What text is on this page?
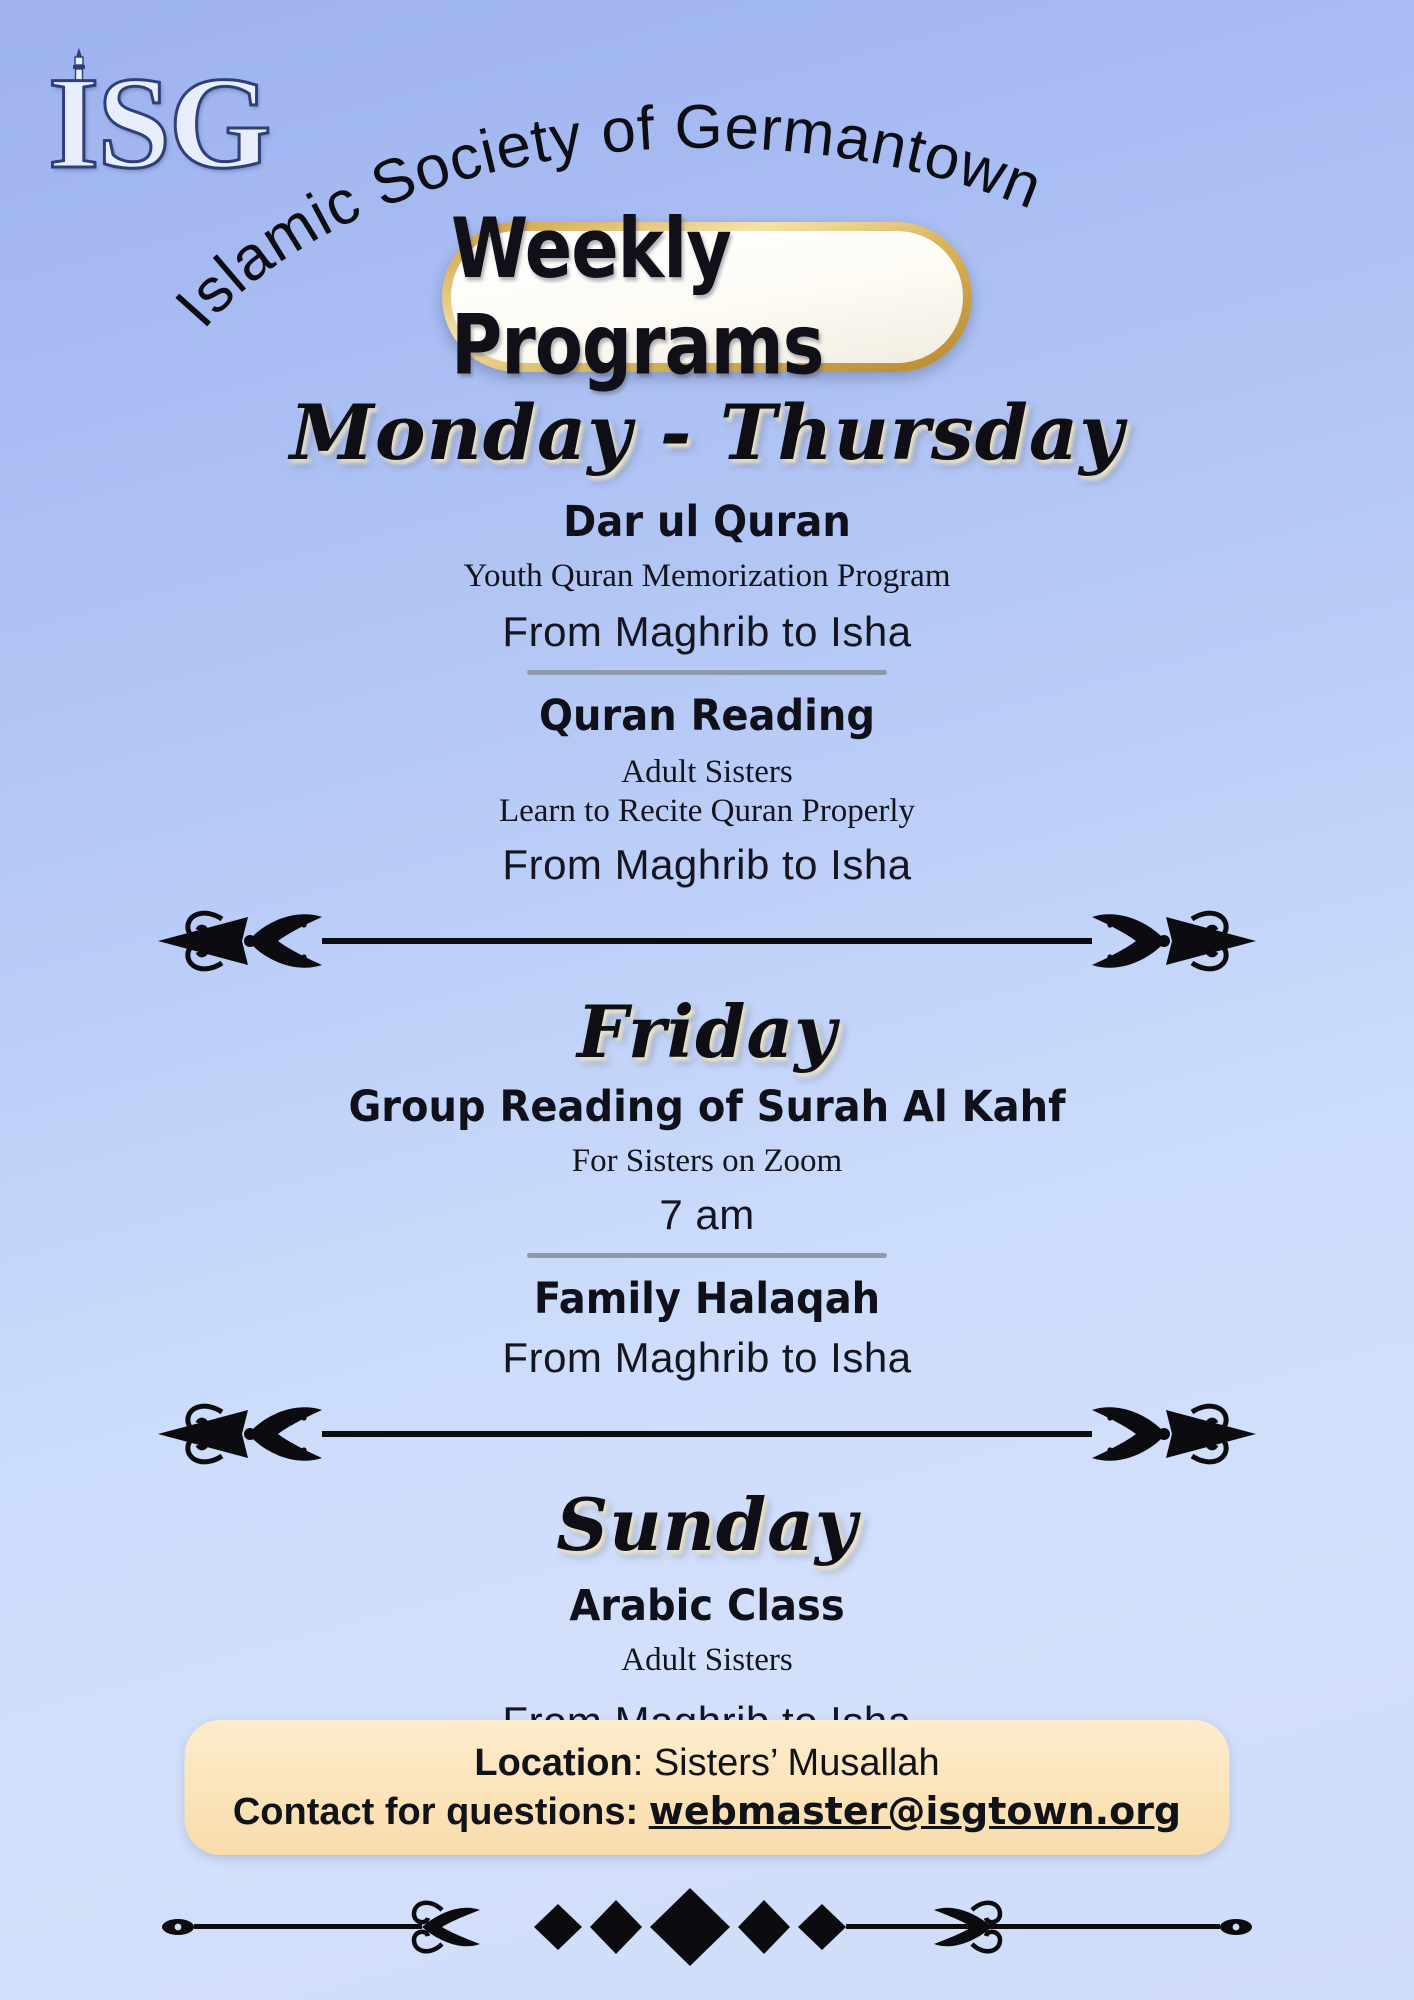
ISG
Islamic Society of Germantown
Weekly Programs
Monday - Thursday
Dar ul Quran
Youth Quran Memorization Program
From Maghrib to Isha
Quran Reading
Adult Sisters
Learn to Recite Quran Properly
From Maghrib to Isha
Friday
Group Reading of Surah Al Kahf
For Sisters on Zoom
7 am
Family Halaqah
From Maghrib to Isha
Sunday
Arabic Class
Adult Sisters
Location: Sisters’ Musallah
Contact for questions: webmaster@isgtown.org
